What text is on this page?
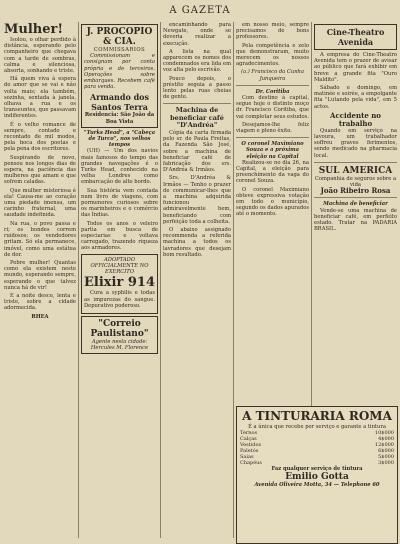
A GAZETA
Mulher!

Isolou, o olhar perdido à distância, esperando pelo companheiro que chegava com a tarde de sombras, calma e silenciosa, absorta, sonhando e triste.

Há quem viva à espera do amor que se vai e não volta mais; ela também, sozinha, sentada à janela, olhava a rua e os transeuntes, que passavam indiferentes.

É o velho romance de sempre, contado e recontado de mil modos, pela boca dos poetas e pela pena dos escritores.

Suspirando de novo, pensou nos longos dias de espera, na paciência das mulheres que amam e que sofrem caladas.

Que mulher misteriosa é ela! Causa-me ao coração uma piedade imensa, um carinho fraternal, uma saudade indefinida.

Na rua, o povo passa e ri; os bondes correm ruidosos; os vendedores gritam. Só ela permanece, imóvel, como uma estátua de dor.

Pobre mulher! Quantas como ela existem neste mundo, esperando sempre, esperando o que talvez nunca há de vir!

E a noite desce, lenta e triste, sobre a cidade adormecida.

RHEA
J. PROCOPIO & CIA.
COMMISSARIOS

Commissionam e consignam por conta própria e de terceiros. Operações sobre embarques. Recebem café para venda.

Armando dos Santos Terra
Residencia: São João da Boa Vista
"Turks Head", a "Cabeça de Turco", nos velhos tempos

(UH) — Um dos navios mais famosos do tempo das grandes navegações é o Turks Head, conhecido na velha Londres como embarcação de alto bordo.

Sua história vem contada num livro de viagens, com pormenores curiosos sobre os marinheiros e o comércio das Índias.

Todos os anos o veleiro partia em busca de especiarias e voltava carregado, trazendo riqueza aos armadores.

ADOPTADO OFFICIALMENTE NO EXERCITO
Elixir 914

Cura a syphilis e todas as impurezas do sangue. Depurativo poderoso.

"Correio Paulistano"
Agente nesta cidade: Hercules M. Florence

encaminhando para Newgate, onde se deveria realizar a execução.

A lista na qual apparecem os nomes dos condemnados era lida em voz alta pelo escrivão.

Pouco depois, o préstito seguia a passo lento pelas ruas cheias de gente.

Machina de beneficiar café "D'Andréa"

Cópia da carta firmada pelo sr. de Paula Freitas, da Fazenda São José, sobre a machina de beneficiar café de fabricação dos srs. D'Andréa & Irmãos.

Srs. D'Andréa & Irmãos — Tenho o prazer de communicar-lhes que a machina adquirida funcionou admiravelmente bem, beneficiando com perfeição toda a colheita.

O abaixo assignado recommenda a referida machina a todos os lavradores que desejam bom resultado.

em nosso meio, sempre precisamos de bons professores.

Pela competência e zelo que demonstraram, muito merecem os nossos agradecimentos.

(a.) Francisco da Cunha Junqueira
Dr. Coritiba

Com destino à capital, segue hoje o distinto moço dr. Francisco Coritiba, que vai completar seus estudos.

Desejamos-lhe feliz viagem e pleno êxito.

O coronel Maximiano Souza e a próxima eleição na Capital

Realizou-se no dia 26, na Capital, a eleição para preenchimento da vaga do coronel Souza.

O coronel Maximiano obteve expressiva votação em todo o município, segundo os dados apurados até o momento.

Cine-Theatro Avenida

A empresa do Cine-Theatro Avenida tem o prazer de avisar ao público que fará exhibir em breve a grande fita "Ouro Maldito".

Sábado e domingo, em matinée e soirée, a empolgante fita "Lutando pela vida", em 5 actos.

Accidente no trabalho

Quando em serviço na lavoura, um trabalhador soffreu graves ferimentos, sendo medicado na pharmacia local.

SUL AMERICA
Companhia de seguros sobre a vida
João Ribeiro Rosa
Machina de beneficiar

Vende-se uma machina de beneficiar café, em perfeito estado. Tratar na PADARIA BRASIL.

A TINTURARIA ROMA
É a única que recebe por serviço e garante a tintura
Ternos	10$000
Calças	4$000
Vestidos	12$000
Paletós	6$000
Saias	5$000
Chapéus	3$000
Faz qualquer serviço de tintura
Emilio Gotta
Avenida Oliveira Motta, 34 — Telephone 60
